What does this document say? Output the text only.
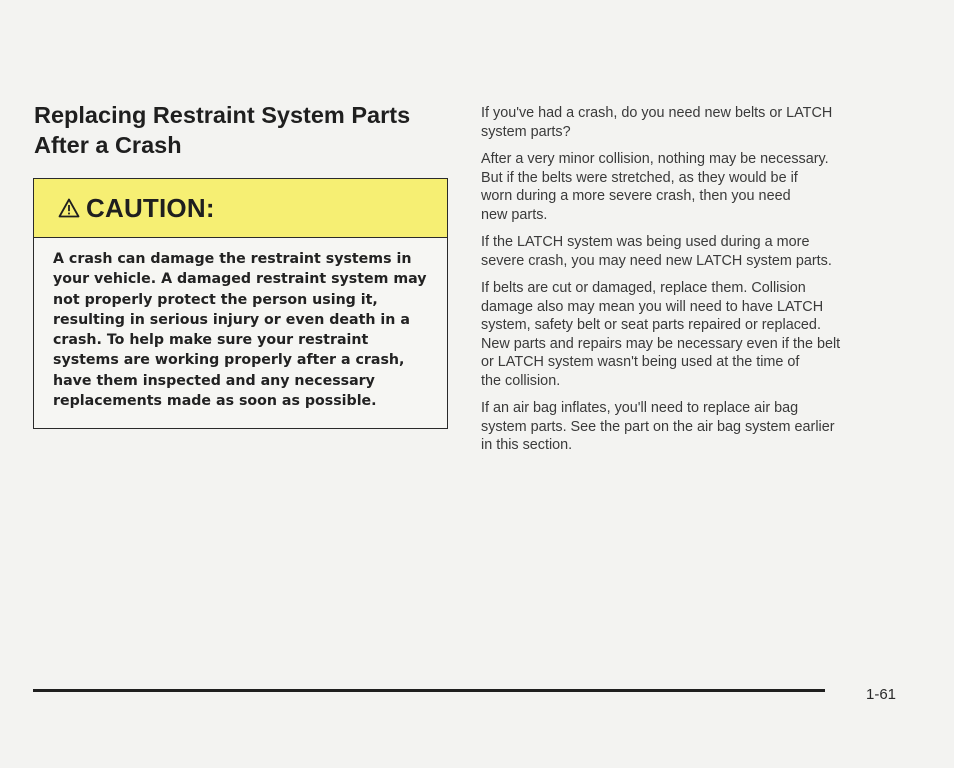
Replacing Restraint System Parts
After a Crash
CAUTION:
A crash can damage the restraint systems in
your vehicle. A damaged restraint system may
not properly protect the person using it,
resulting in serious injury or even death in a
crash. To help make sure your restraint
systems are working properly after a crash,
have them inspected and any necessary
replacements made as soon as possible.

If you've had a crash, do you need new belts or LATCH
system parts?

After a very minor collision, nothing may be necessary.
But if the belts were stretched, as they would be if
worn during a more severe crash, then you need
new parts.

If the LATCH system was being used during a more
severe crash, you may need new LATCH system parts.

If belts are cut or damaged, replace them. Collision
damage also may mean you will need to have LATCH
system, safety belt or seat parts repaired or replaced.
New parts and repairs may be necessary even if the belt
or LATCH system wasn't being used at the time of
the collision.

If an air bag inflates, you'll need to replace air bag
system parts. See the part on the air bag system earlier
in this section.

1-61
